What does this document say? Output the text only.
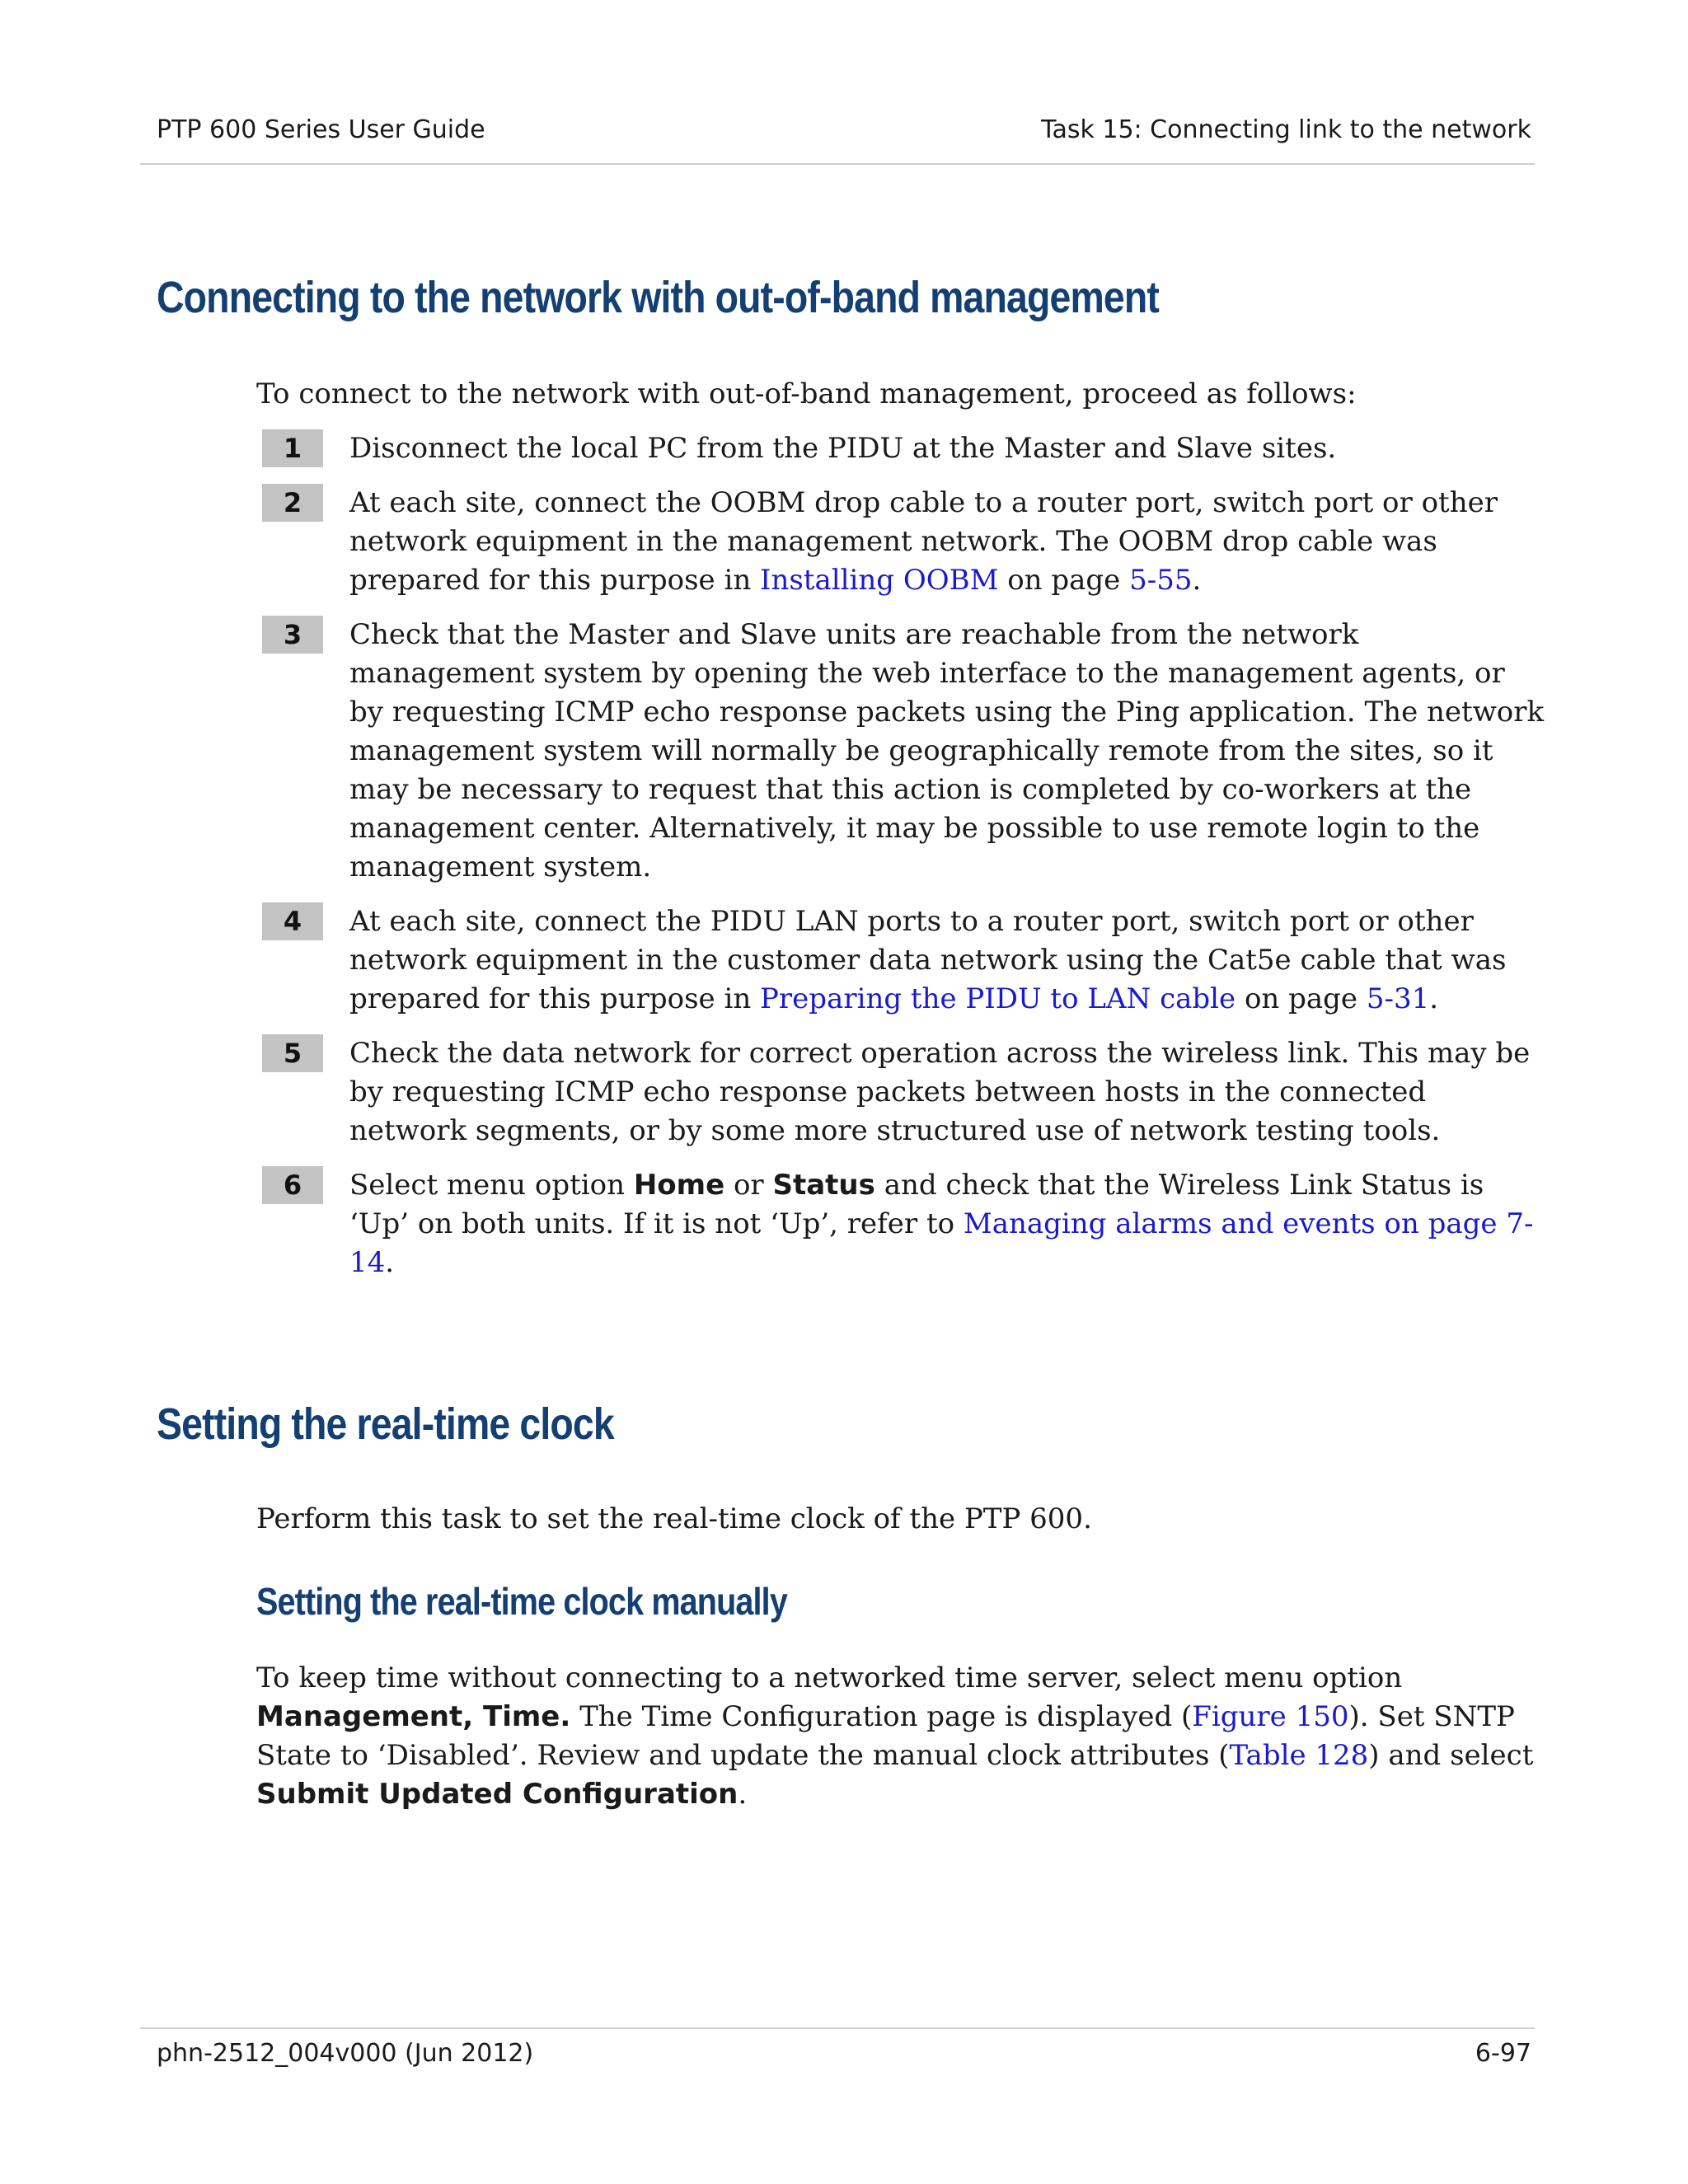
PTP 600 Series User Guide	Task 15: Connecting link to the network
Connecting to the network with out-of-band management
To connect to the network with out-of-band management, proceed as follows:
1	Disconnect the local PC from the PIDU at the Master and Slave sites.
2	At each site, connect the OOBM drop cable to a router port, switch port or other network equipment in the management network. The OOBM drop cable was prepared for this purpose in Installing OOBM on page 5-55.
3	Check that the Master and Slave units are reachable from the network management system by opening the web interface to the management agents, or by requesting ICMP echo response packets using the Ping application. The network management system will normally be geographically remote from the sites, so it may be necessary to request that this action is completed by co-workers at the management center. Alternatively, it may be possible to use remote login to the management system.
4	At each site, connect the PIDU LAN ports to a router port, switch port or other network equipment in the customer data network using the Cat5e cable that was prepared for this purpose in Preparing the PIDU to LAN cable on page 5-31.
5	Check the data network for correct operation across the wireless link. This may be by requesting ICMP echo response packets between hosts in the connected network segments, or by some more structured use of network testing tools.
6	Select menu option Home or Status and check that the Wireless Link Status is ‘Up’ on both units. If it is not ‘Up’, refer to Managing alarms and events on page 7-14.
Setting the real-time clock
Perform this task to set the real-time clock of the PTP 600.
Setting the real-time clock manually
To keep time without connecting to a networked time server, select menu option Management, Time. The Time Configuration page is displayed (Figure 150). Set SNTP State to ‘Disabled’. Review and update the manual clock attributes (Table 128) and select Submit Updated Configuration.
phn-2512_004v000 (Jun 2012)	6-97
